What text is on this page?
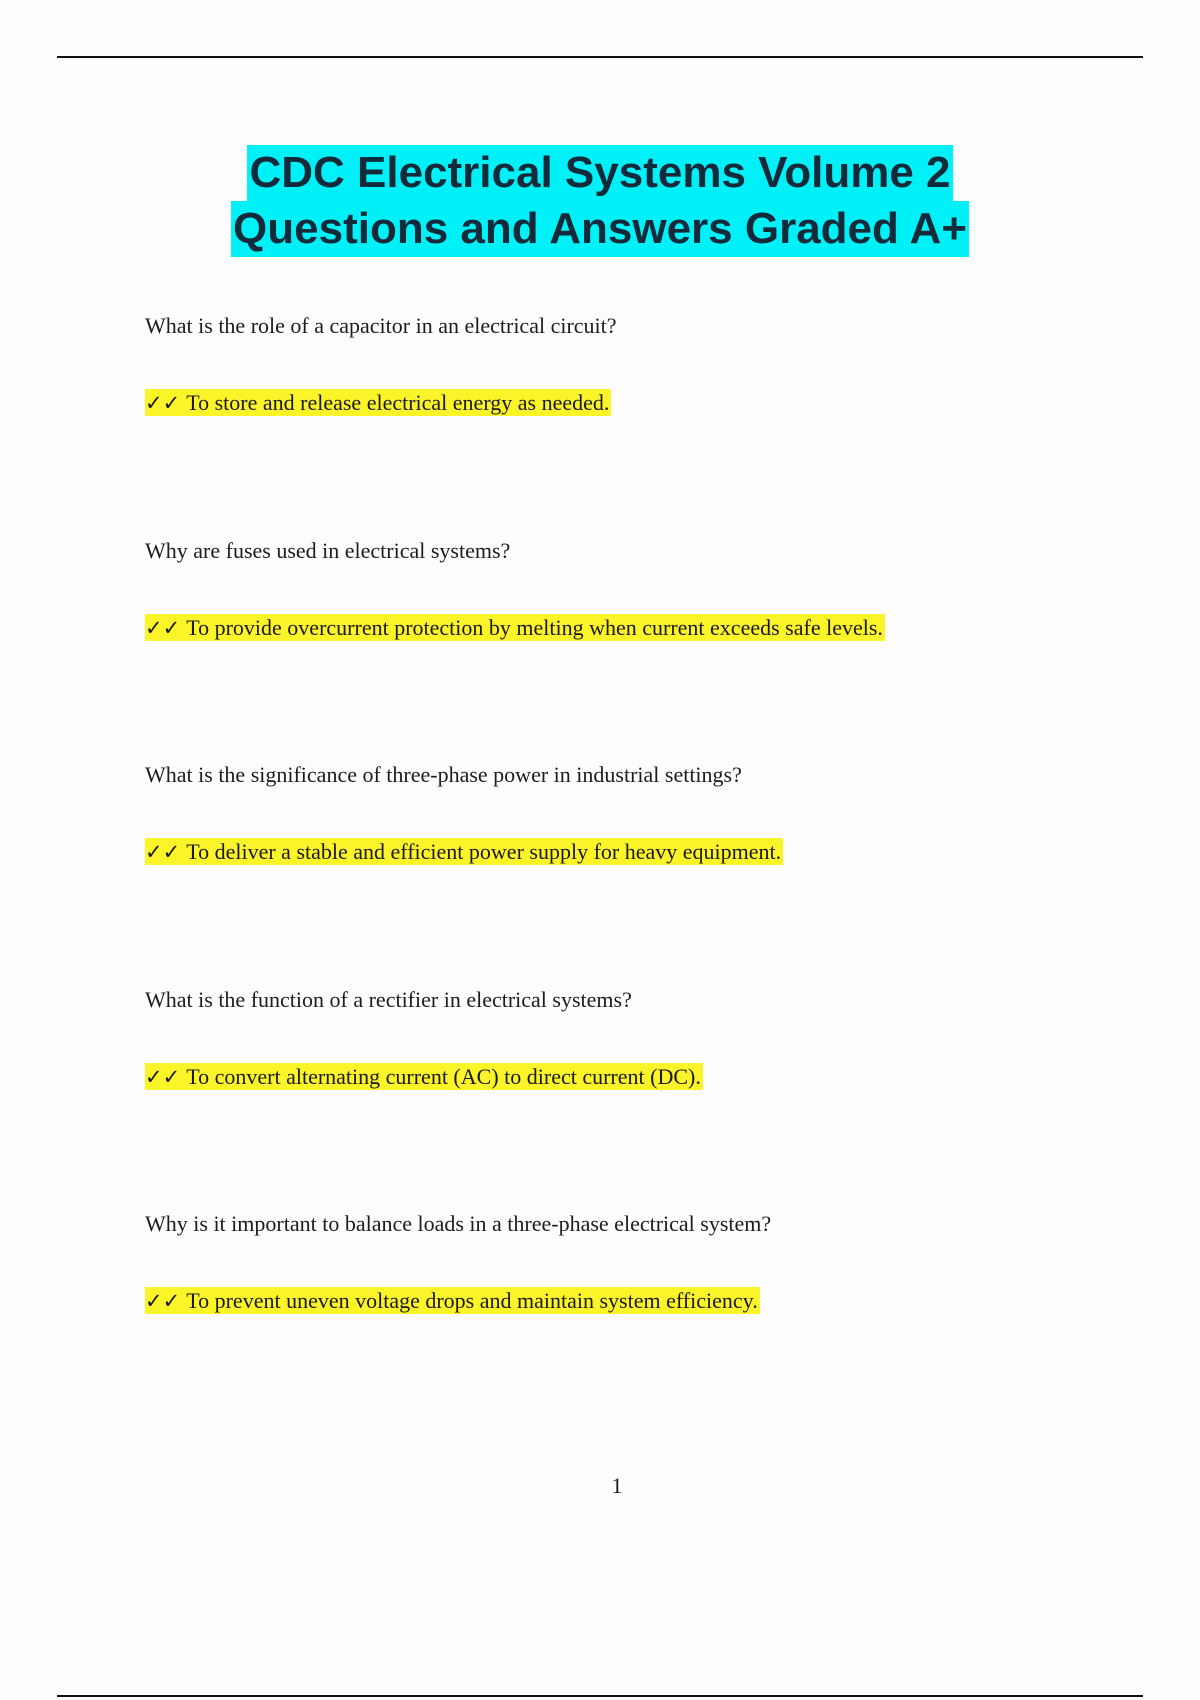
CDC Electrical Systems Volume 2
Questions and Answers Graded A+

What is the role of a capacitor in an electrical circuit?

✓✓ To store and release electrical energy as needed.

Why are fuses used in electrical systems?

✓✓ To provide overcurrent protection by melting when current exceeds safe levels.

What is the significance of three-phase power in industrial settings?

✓✓ To deliver a stable and efficient power supply for heavy equipment.

What is the function of a rectifier in electrical systems?

✓✓ To convert alternating current (AC) to direct current (DC).

Why is it important to balance loads in a three-phase electrical system?

✓✓ To prevent uneven voltage drops and maintain system efficiency.

1
